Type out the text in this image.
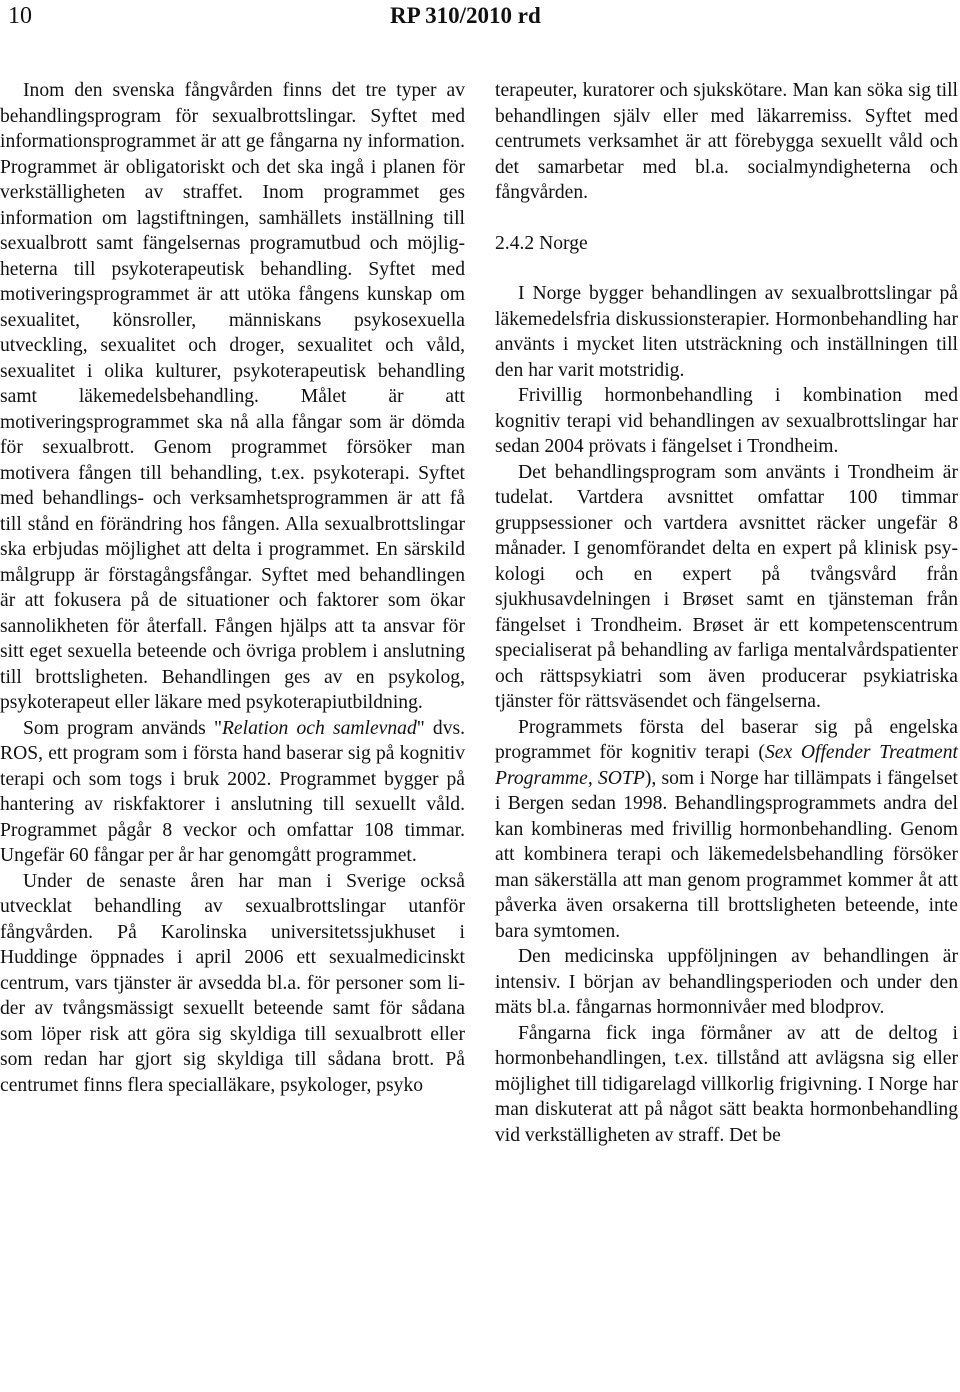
10	RP 310/2010 rd

Inom den svenska fångvården finns det tre typer av behandlingsprogram för sexualbrottslingar. Syftet med informationsprogrammet är att ge fångarna ny information. Programmet är obligatoriskt och det ska ingå i planen för verkställigheten av straffet. Inom programmet ges information om lagstiftningen, samhällets inställning till sexualbrott samt fängelsernas programutbud och möjligheterna till psykoterapeutisk behandling. Syftet med motiveringsprogrammet är att utöka fångens kunskap om sexualitet, könsroller, människans psykosexuella utveckling, sexualitet och droger, sexualitet och våld, sexualitet i olika kulturer, psykoterapeutisk behandling samt läkemedelsbehandling. Målet är att motiveringsprogrammet ska nå alla fångar som är dömda för sexualbrott. Genom programmet försöker man motivera fången till behandling, t.ex. psykoterapi. Syftet med behandlings- och verksamhetsprogrammen är att få till stånd en förändring hos fången. Alla sexualbrottslingar ska erbjudas möjlighet att delta i programmet. En särskild målgrupp är förstagångsfångar. Syftet med behandlingen är att fokusera på de situationer och faktorer som ökar sannolikheten för återfall. Fången hjälps att ta ansvar för sitt eget sexuella beteende och övriga problem i anslutning till brottsligheten. Behandlingen ges av en psykolog, psykoterapeut eller läkare med psykoterapiutbildning.

Som program används "Relation och samlevnad" dvs. ROS, ett program som i första hand baserar sig på kognitiv terapi och som togs i bruk 2002. Programmet bygger på hantering av riskfaktorer i anslutning till sexuellt våld. Programmet pågår 8 veckor och omfattar 108 timmar. Ungefär 60 fångar per år har genomgått programmet.

Under de senaste åren har man i Sverige också utvecklat behandling av sexualbrottslingar utanför fångvården. På Karolinska universitetssjukhuset i Huddinge öppnades i april 2006 ett sexualmedicinskt centrum, vars tjänster är avsedda bl.a. för personer som lider av tvångsmässigt sexuellt beteende samt för sådana som löper risk att göra sig skyldiga till sexualbrott eller som redan har gjort sig skyldiga till sådana brott. På centrumet finns flera specialläkare, psykologer, psyko

terapeuter, kuratorer och sjukskötare. Man kan söka sig till behandlingen själv eller med läkarremiss. Syftet med centrumets verksamhet är att förebygga sexuellt våld och det samarbetar med bl.a. socialmyndigheterna och fångvården.

2.4.2 Norge

I Norge bygger behandlingen av sexualbrottslingar på läkemedelsfria diskussionsterapier. Hormonbehandling har använts i mycket liten utsträckning och inställningen till den har varit motstridig.

Frivillig hormonbehandling i kombination med kognitiv terapi vid behandlingen av sexualbrottslingar har sedan 2004 prövats i fängelset i Trondheim.

Det behandlingsprogram som använts i Trondheim är tudelat. Vartdera avsnittet omfattar 100 timmar gruppsessioner och vartdera avsnittet räcker ungefär 8 månader. I genomförandet delta en expert på klinisk psykologi och en expert på tvångsvård från sjukhusavdelningen i Brøset samt en tjänsteman från fängelset i Trondheim. Brøset är ett kompetenscentrum specialiserat på behandling av farliga mentalvårdspatienter och rättspsykiatri som även producerar psykiatriska tjänster för rättsväsendet och fängelserna.

Programmets första del baserar sig på engelska programmet för kognitiv terapi (Sex Offender Treatment Programme, SOTP), som i Norge har tillämpats i fängelset i Bergen sedan 1998. Behandlingsprogrammets andra del kan kombineras med frivillig hormonbehandling. Genom att kombinera terapi och läkemedelsbehandling försöker man säkerställa att man genom programmet kommer åt att påverka även orsakerna till brottsligheten beteende, inte bara symtomen.

Den medicinska uppföljningen av behandlingen är intensiv. I början av behandlingsperioden och under den mäts bl.a. fångarnas hormonnivåer med blodprov.

Fångarna fick inga förmåner av att de deltog i hormonbehandlingen, t.ex. tillstånd att avlägsna sig eller möjlighet till tidigarelagd villkorlig frigivning. I Norge har man diskuterat att på något sätt beakta hormonbehandling vid verkställigheten av straff. Det be
